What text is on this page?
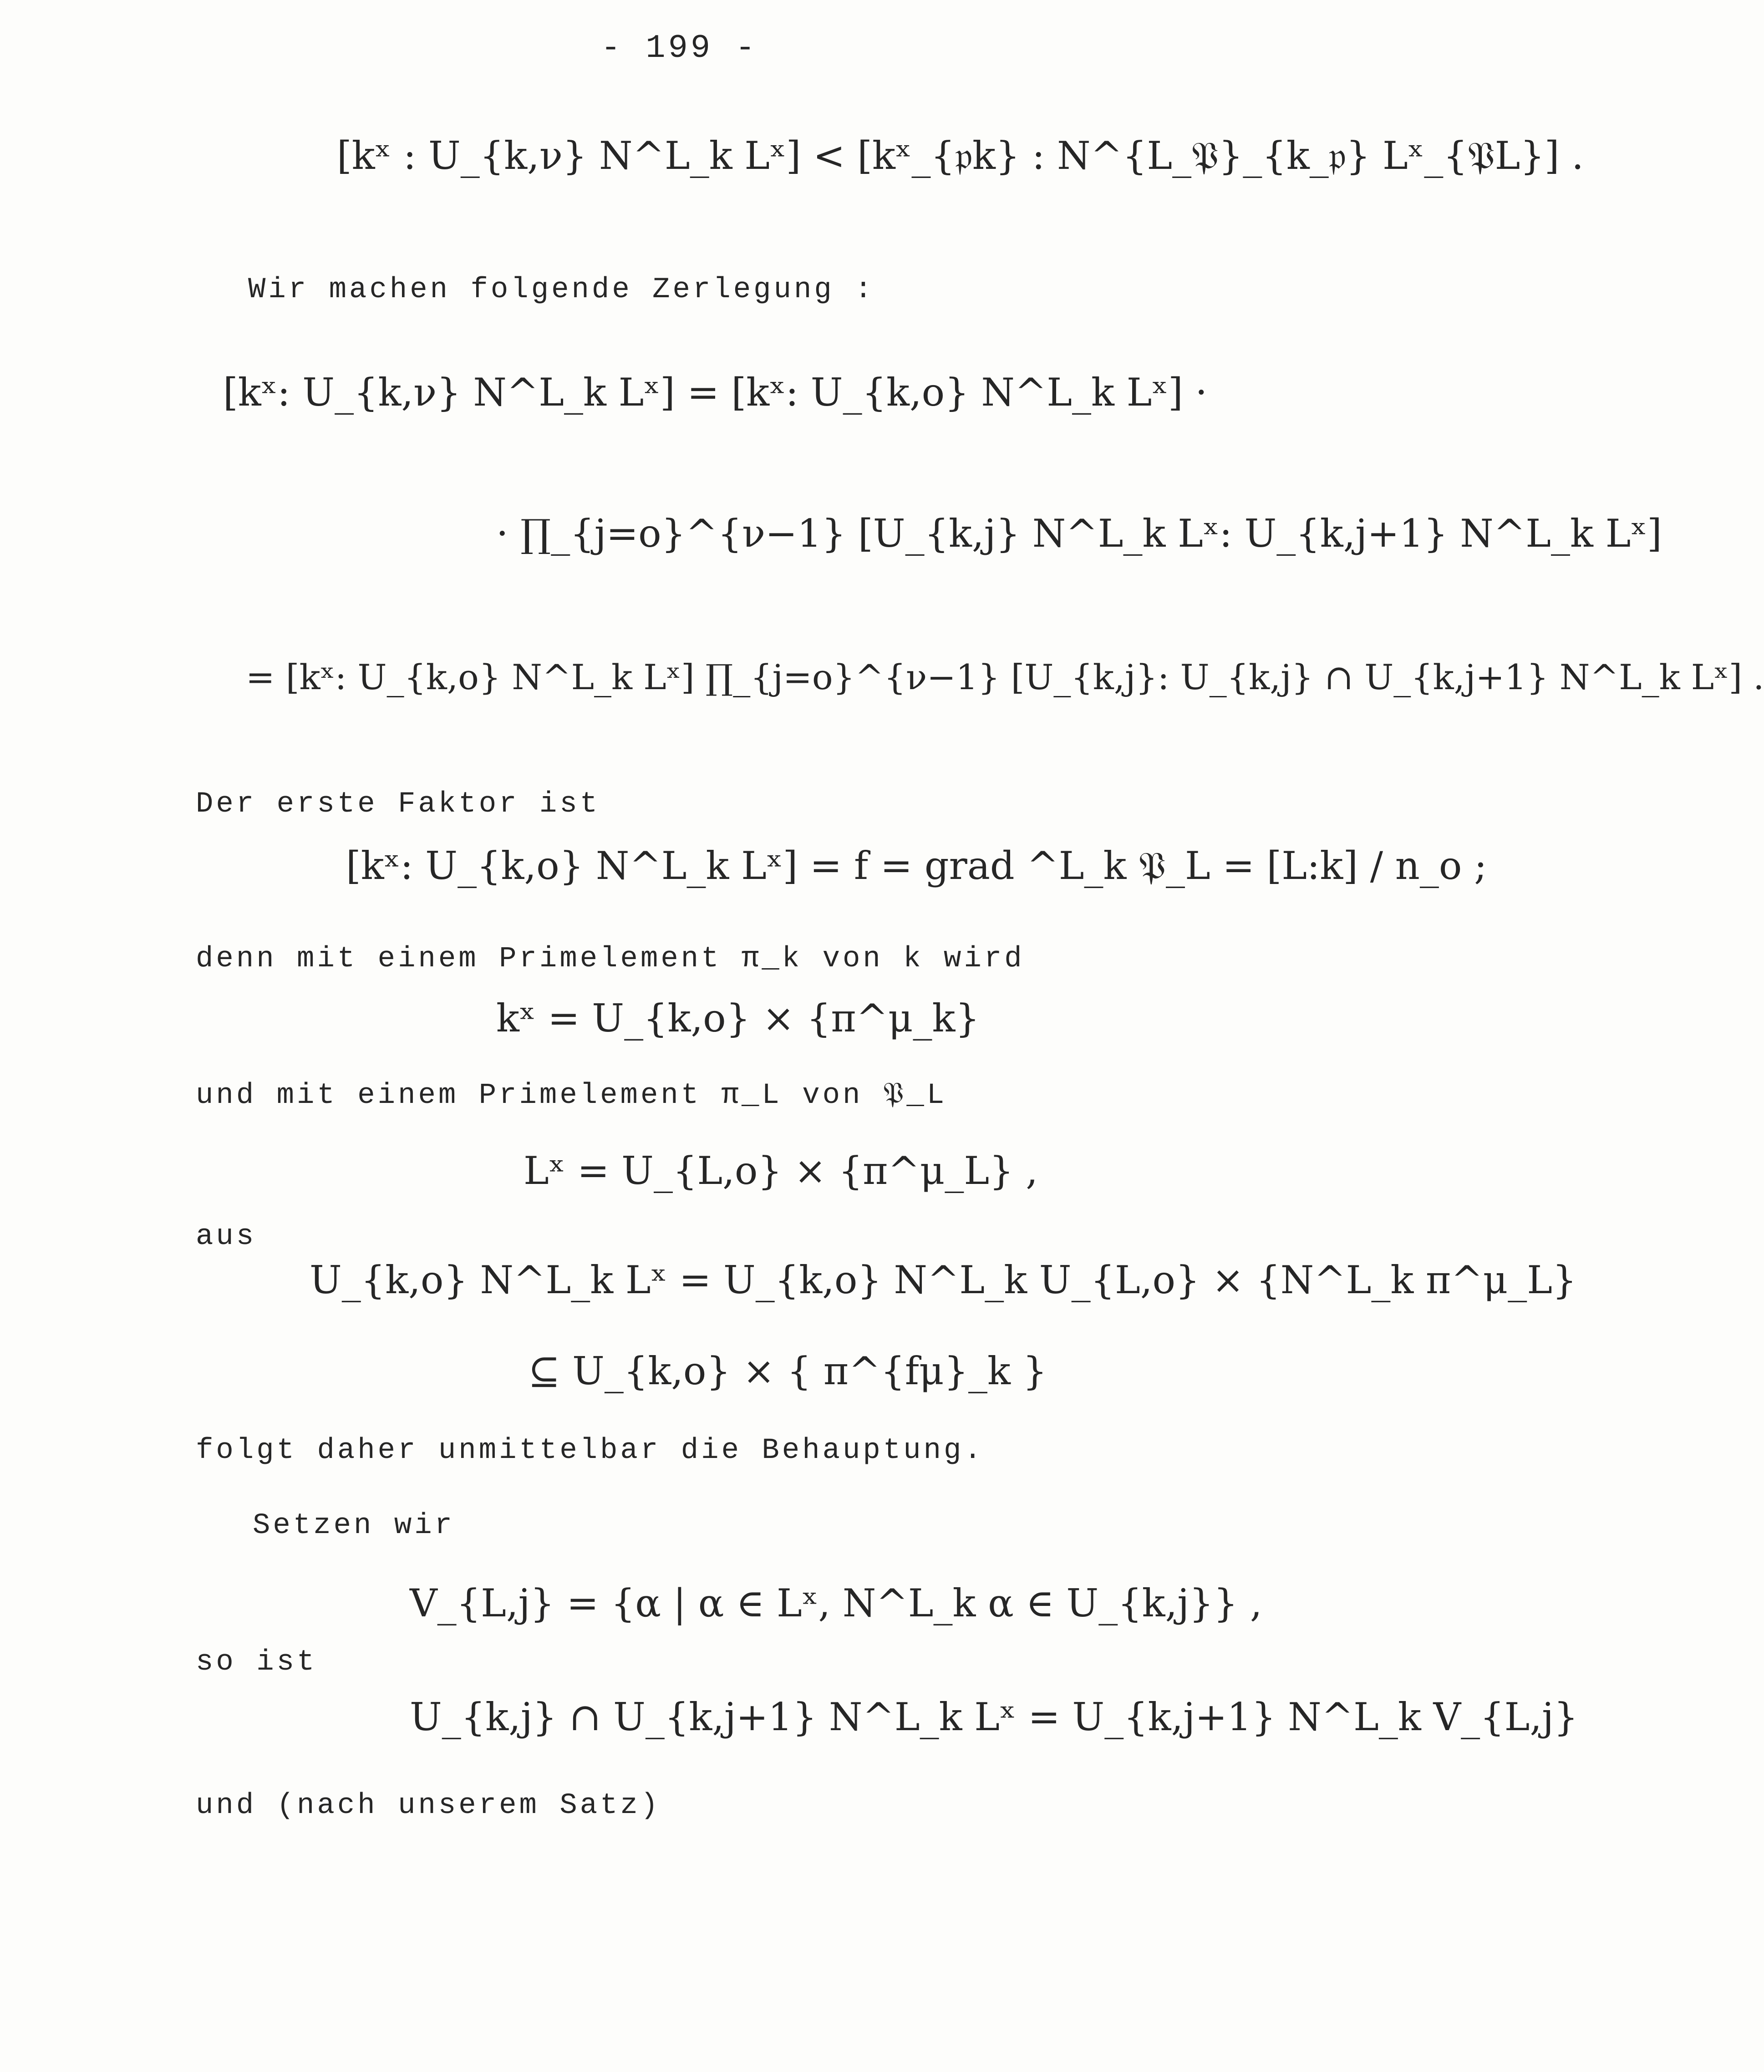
- 199 -
[kˣ : U_{k,ν} N^L_k Lˣ] < [kˣ_{𝔭k} : N^{L_𝔓}_{k_𝔭} Lˣ_{𝔓L}] .
Wir machen folgende Zerlegung :
[kˣ: U_{k,ν} N^L_k Lˣ] = [kˣ: U_{k,o} N^L_k Lˣ] ·
· ∏_{j=o}^{ν−1} [U_{k,j} N^L_k Lˣ: U_{k,j+1} N^L_k Lˣ]
= [kˣ: U_{k,o} N^L_k Lˣ] ∏_{j=o}^{ν−1} [U_{k,j}: U_{k,j} ∩ U_{k,j+1} N^L_k Lˣ] .
Der erste Faktor ist
[kˣ: U_{k,o} N^L_k Lˣ] = f = grad ^L_k 𝔓_L = [L:k] / n_o ;
denn mit einem Primelement π_k von k wird
kˣ = U_{k,o} × {π^μ_k}
und mit einem Primelement π_L von 𝔓_L
Lˣ = U_{L,o} × {π^μ_L} ,
aus
U_{k,o} N^L_k Lˣ = U_{k,o} N^L_k U_{L,o} × {N^L_k π^μ_L}
⊆ U_{k,o} × { π^{fμ}_k }
folgt daher unmittelbar die Behauptung.
Setzen wir
V_{L,j} = {α | α ∈ Lˣ, N^L_k α ∈ U_{k,j}} ,
so ist
U_{k,j} ∩ U_{k,j+1} N^L_k Lˣ = U_{k,j+1} N^L_k V_{L,j}
und (nach unserem Satz)
